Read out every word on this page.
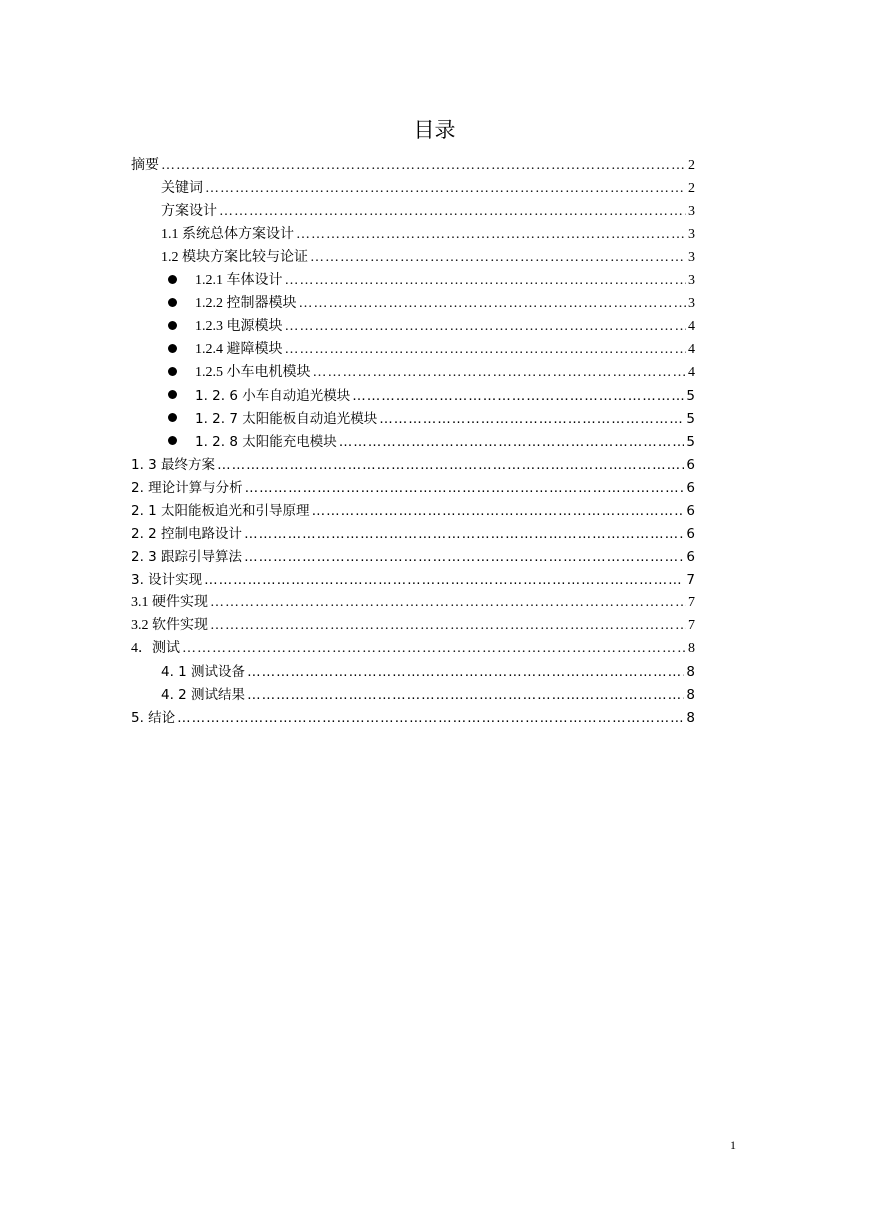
目录
摘要 …………………………………………………………………………………………………………………………………………………………………………………………………………	2
关键词 …………………………………………………………………………………………………………………………………………………………………………………………………………	2
方案设计 …………………………………………………………………………………………………………………………………………………………………………………………………………	3
1.1 系统总体方案设计 …………………………………………………………………………………………………………………………………………………………………………………………………………	3
1.2 模块方案比较与论证 …………………………………………………………………………………………………………………………………………………………………………………………………………	3
1.2.1 车体设计 …………………………………………………………………………………………………………………………………………………………………………………………………………	3
1.2.2 控制器模块 …………………………………………………………………………………………………………………………………………………………………………………………………………	3
1.2.3 电源模块 …………………………………………………………………………………………………………………………………………………………………………………………………………	4
1.2.4 避障模块 …………………………………………………………………………………………………………………………………………………………………………………………………………	4
1.2.5 小车电机模块 …………………………………………………………………………………………………………………………………………………………………………………………………………	4
1. 2. 6 小车自动追光模块 …………………………………………………………………………………………………………………………………………………………………………………………………………	5
1. 2. 7 太阳能板自动追光模块 …………………………………………………………………………………………………………………………………………………………………………………………………………	5
1. 2. 8 太阳能充电模块 …………………………………………………………………………………………………………………………………………………………………………………………………………	5
1. 3 最终方案 …………………………………………………………………………………………………………………………………………………………………………………………………………	6
2. 理论计算与分析 …………………………………………………………………………………………………………………………………………………………………………………………………………	6
2. 1 太阳能板追光和引导原理 …………………………………………………………………………………………………………………………………………………………………………………………………………	6
2. 2 控制电路设计 …………………………………………………………………………………………………………………………………………………………………………………………………………	6
2. 3 跟踪引导算法 …………………………………………………………………………………………………………………………………………………………………………………………………………	6
3. 设计实现 …………………………………………………………………………………………………………………………………………………………………………………………………………	7
3.1 硬件实现 …………………………………………………………………………………………………………………………………………………………………………………………………………	7
3.2 软件实现 …………………………………………………………………………………………………………………………………………………………………………………………………………	7
4．测试 …………………………………………………………………………………………………………………………………………………………………………………………………………	8
4. 1 测试设备 …………………………………………………………………………………………………………………………………………………………………………………………………………	8
4. 2 测试结果 …………………………………………………………………………………………………………………………………………………………………………………………………………	8
5. 结论 …………………………………………………………………………………………………………………………………………………………………………………………………………	8
1
